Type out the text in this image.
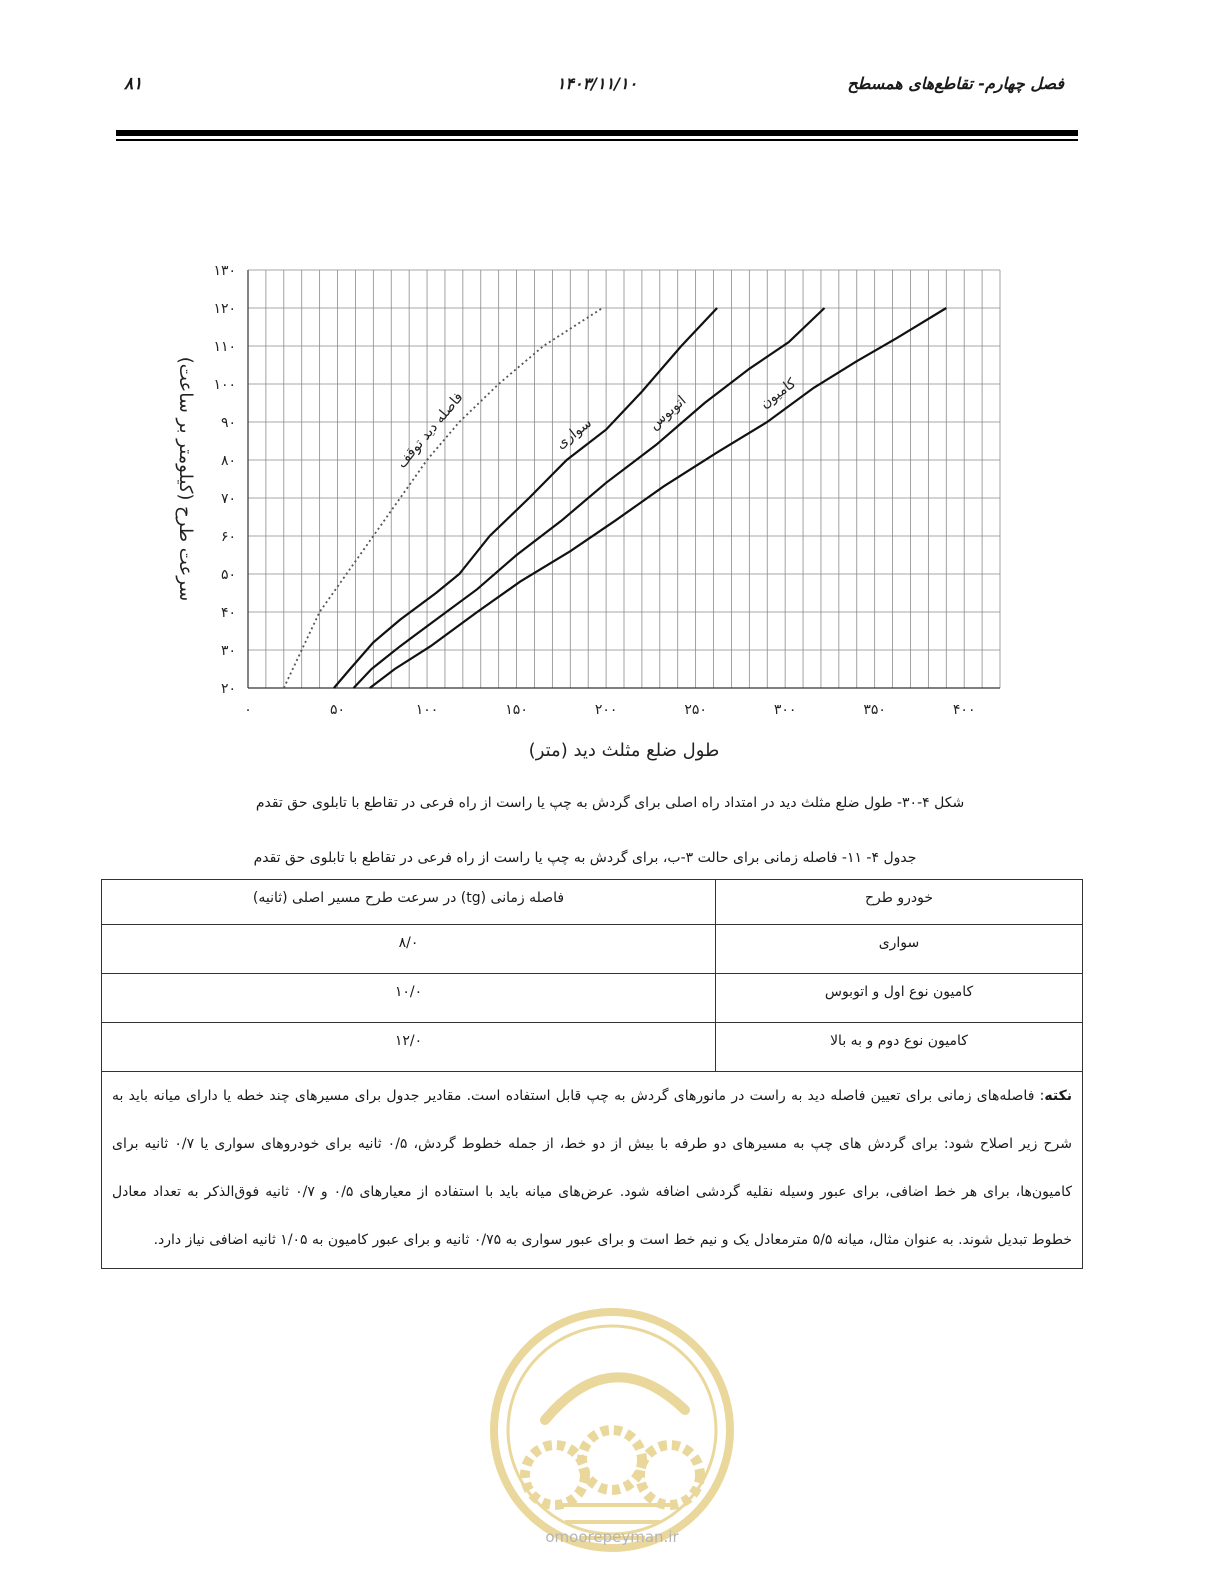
۸۱	۱۴۰۳/۱۱/۱۰	فصل چهارم- تقاطع‌های همسطح
۰	۵۰	۱۰۰	۱۵۰	۲۰۰	۲۵۰	۳۰۰	۳۵۰	۴۰۰
۲۰
۳۰
۴۰
۵۰
۶۰
۷۰
۸۰
۹۰
۱۰۰
۱۱۰
۱۲۰
۱۳۰
طول ضلع مثلث دید (متر)
سرعت طرح (کیلومتر بر ساعت)	فاصله دید توقف	سواری
اتوبوس	کامیون
شکل ۴-۳۰- طول ضلع مثلث دید در امتداد راه اصلی برای گردش به چپ یا راست از راه فرعی در تقاطع با تابلوی حق تقدم
جدول ۴- ۱۱- فاصله زمانی برای حالت ۳-ب، برای گردش به چپ یا راست از راه فرعی در تقاطع با تابلوی حق تقدم
خودرو طرح	فاصله زمانی (tg) در سرعت طرح مسیر اصلی (ثانیه)
سواری	۸/۰
کامیون نوع اول و اتوبوس	۱۰/۰
کامیون نوع دوم و به بالا	۱۲/۰
نکته: فاصله‌های زمانی برای تعیین فاصله دید به راست در مانورهای گردش به چپ قابل استفاده است. مقادیر جدول برای مسیرهای چند خطه یا دارای میانه باید به شرح زیر اصلاح شود: برای گردش های چپ به مسیرهای دو طرفه با بیش از دو خط، از جمله خطوط گردش، ۰/۵ ثانیه برای خودروهای سواری یا ۰/۷ ثانیه برای کامیون‌ها، برای هر خط اضافی، برای عبور وسیله نقلیه گردشی اضافه شود. عرض‌های میانه باید با استفاده از معیارهای ۰/۵ و ۰/۷ ثانیه فوق‌الذکر به تعداد معادل خطوط تبدیل شوند. به عنوان مثال، میانه ۵/۵ مترمعادل یک و نیم خط است و برای عبور سواری به ۰/۷۵ ثانیه و برای عبور کامیون به ۱/۰۵ ثانیه اضافی نیاز دارد.	
omoorepeyman.ir
